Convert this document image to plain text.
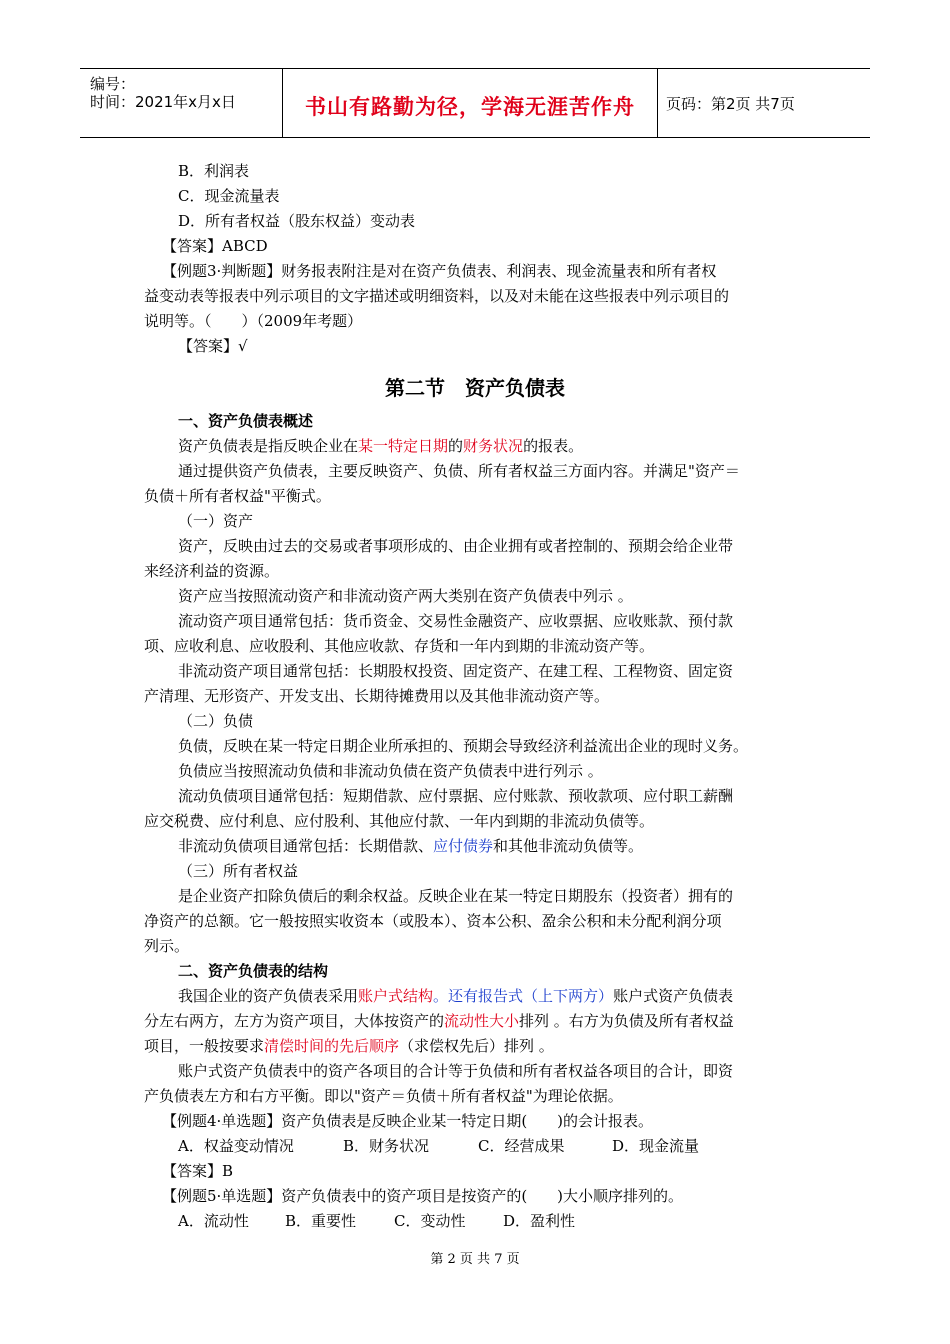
编号：
时间：2021年x月x日	书山有路勤为径，学海无涯苦作舟	页码：第2页 共7页
B．利润表
C．现金流量表
D．所有者权益（股东权益）变动表
【答案】ABCD
【例题3·判断题】财务报表附注是对在资产负债表、利润表、现金流量表和所有者权
益变动表等报表中列示项目的文字描述或明细资料，以及对未能在这些报表中列示项目的
说明等。（　　）（2009年考题）
【答案】√
第二节　资产负债表
一、资产负债表概述
资产负债表是指反映企业在某一特定日期的财务状况的报表。
通过提供资产负债表，主要反映资产、负债、所有者权益三方面内容。并满足"资产＝
负债＋所有者权益"平衡式。
（一）资产
资产，反映由过去的交易或者事项形成的、由企业拥有或者控制的、预期会给企业带
来经济利益的资源。
资产应当按照流动资产和非流动资产两大类别在资产负债表中列示 。
流动资产项目通常包括：货币资金、交易性金融资产、应收票据、应收账款、预付款
项、应收利息、应收股利、其他应收款、存货和一年内到期的非流动资产等。
非流动资产项目通常包括：长期股权投资、固定资产、在建工程、工程物资、固定资
产清理、无形资产、开发支出、长期待摊费用以及其他非流动资产等。
（二）负债
负债，反映在某一特定日期企业所承担的、预期会导致经济利益流出企业的现时义务。
负债应当按照流动负债和非流动负债在资产负债表中进行列示 。
流动负债项目通常包括：短期借款、应付票据、应付账款、预收款项、应付职工薪酬
应交税费、应付利息、应付股利、其他应付款、一年内到期的非流动负债等。
非流动负债项目通常包括：长期借款、应付债券和其他非流动负债等。
（三）所有者权益
是企业资产扣除负债后的剩余权益。反映企业在某一特定日期股东（投资者）拥有的
净资产的总额。它一般按照实收资本（或股本）、资本公积、盈余公积和未分配利润分项
列示。
二、资产负债表的结构
我国企业的资产负债表采用账户式结构。还有报告式（上下两方）账户式资产负债表
分左右两方，左方为资产项目，大体按资产的流动性大小排列 。右方为负债及所有者权益
项目，一般按要求清偿时间的先后顺序（求偿权先后）排列 。
账户式资产负债表中的资产各项目的合计等于负债和所有者权益各项目的合计，即资
产负债表左方和右方平衡。即以"资产＝负债＋所有者权益"为理论依据。
【例题4·单选题】资产负债表是反映企业某一特定日期(　　)的会计报表。
A．权益变动情况	B．财务状况	C．经营成果	D．现金流量
【答案】B
【例题5·单选题】资产负债表中的资产项目是按资产的(　　)大小顺序排列的。
A．流动性 B．重要性	C．变动性	D．盈利性
第 2 页 共 7 页
